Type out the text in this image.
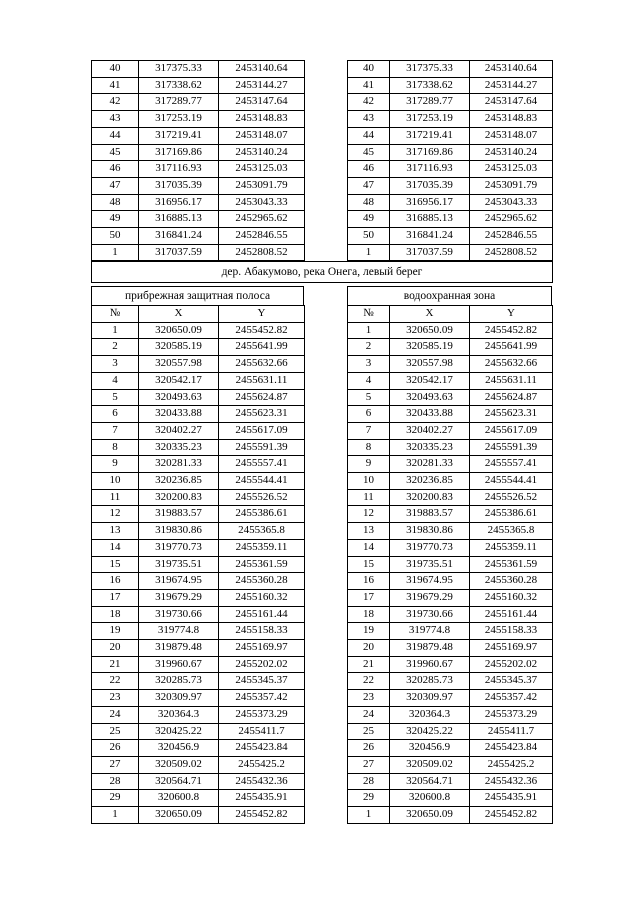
40	317375.33	2453140.64
41	317338.62	2453144.27
42	317289.77	2453147.64
43	317253.19	2453148.83
44	317219.41	2453148.07
45	317169.86	2453140.24
46	317116.93	2453125.03
47	317035.39	2453091.79
48	316956.17	2453043.33
49	316885.13	2452965.62
50	316841.24	2452846.55
1	317037.59	2452808.52
40	317375.33	2453140.64
41	317338.62	2453144.27
42	317289.77	2453147.64
43	317253.19	2453148.83
44	317219.41	2453148.07
45	317169.86	2453140.24
46	317116.93	2453125.03
47	317035.39	2453091.79
48	316956.17	2453043.33
49	316885.13	2452965.62
50	316841.24	2452846.55
1	317037.59	2452808.52
дер. Абакумово, река Онега, левый берег
прибрежная защитная полоса	водоохранная зона
№	X	Y
1	320650.09	2455452.82
2	320585.19	2455641.99
3	320557.98	2455632.66
4	320542.17	2455631.11
5	320493.63	2455624.87
6	320433.88	2455623.31
7	320402.27	2455617.09
8	320335.23	2455591.39
9	320281.33	2455557.41
10	320236.85	2455544.41
11	320200.83	2455526.52
12	319883.57	2455386.61
13	319830.86	2455365.8
14	319770.73	2455359.11
15	319735.51	2455361.59
16	319674.95	2455360.28
17	319679.29	2455160.32
18	319730.66	2455161.44
19	319774.8	2455158.33
20	319879.48	2455169.97
21	319960.67	2455202.02
22	320285.73	2455345.37
23	320309.97	2455357.42
24	320364.3	2455373.29
25	320425.22	2455411.7
26	320456.9	2455423.84
27	320509.02	2455425.2
28	320564.71	2455432.36
29	320600.8	2455435.91
1	320650.09	2455452.82
№	X	Y
1	320650.09	2455452.82
2	320585.19	2455641.99
3	320557.98	2455632.66
4	320542.17	2455631.11
5	320493.63	2455624.87
6	320433.88	2455623.31
7	320402.27	2455617.09
8	320335.23	2455591.39
9	320281.33	2455557.41
10	320236.85	2455544.41
11	320200.83	2455526.52
12	319883.57	2455386.61
13	319830.86	2455365.8
14	319770.73	2455359.11
15	319735.51	2455361.59
16	319674.95	2455360.28
17	319679.29	2455160.32
18	319730.66	2455161.44
19	319774.8	2455158.33
20	319879.48	2455169.97
21	319960.67	2455202.02
22	320285.73	2455345.37
23	320309.97	2455357.42
24	320364.3	2455373.29
25	320425.22	2455411.7
26	320456.9	2455423.84
27	320509.02	2455425.2
28	320564.71	2455432.36
29	320600.8	2455435.91
1	320650.09	2455452.82
